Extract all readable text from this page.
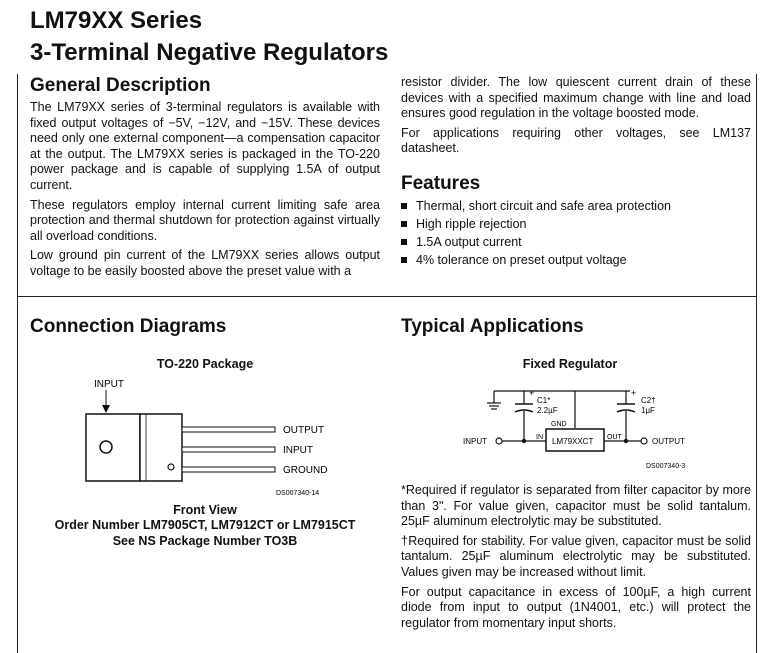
LM79XX Series
3-Terminal Negative Regulators
General Description

The LM79XX series of 3-terminal regulators is available with fixed output voltages of −5V, −12V, and −15V. These devices need only one external component—a compensation capacitor at the output. The LM79XX series is packaged in the TO-220 power package and is capable of supplying 1.5A of output current.

These regulators employ internal current limiting safe area protection and thermal shutdown for protection against virtually all overload conditions.

Low ground pin current of the LM79XX series allows output voltage to be easily boosted above the preset value with a

resistor divider. The low quiescent current drain of these devices with a specified maximum change with line and load ensures good regulation in the voltage boosted mode.

For applications requiring other voltages, see LM137 datasheet.

Features
Thermal, short circuit and safe area protection
High ripple rejection
1.5A output current
4% tolerance on preset output voltage
Connection Diagrams
TO-220 Package
INPUT
OUTPUT
INPUT
GROUND
DS007340-14
Front View
Order Number LM7905CT, LM7912CT or LM7915CT
See NS Package Number TO3B
Typical Applications
Fixed Regulator
+
C1*
2.2µF
GND
+
C2†
1µF
LM79XXCT
IN	OUT
INPUT	OUTPUT
DS007340-3

*Required if regulator is separated from filter capacitor by more than 3". For value given, capacitor must be solid tantalum. 25µF aluminum electrolytic may be substituted.

†Required for stability. For value given, capacitor must be solid tantalum. 25µF aluminum electrolytic may be substituted. Values given may be increased without limit.

For output capacitance in excess of 100µF, a high current diode from input to output (1N4001, etc.) will protect the regulator from momentary input shorts.
